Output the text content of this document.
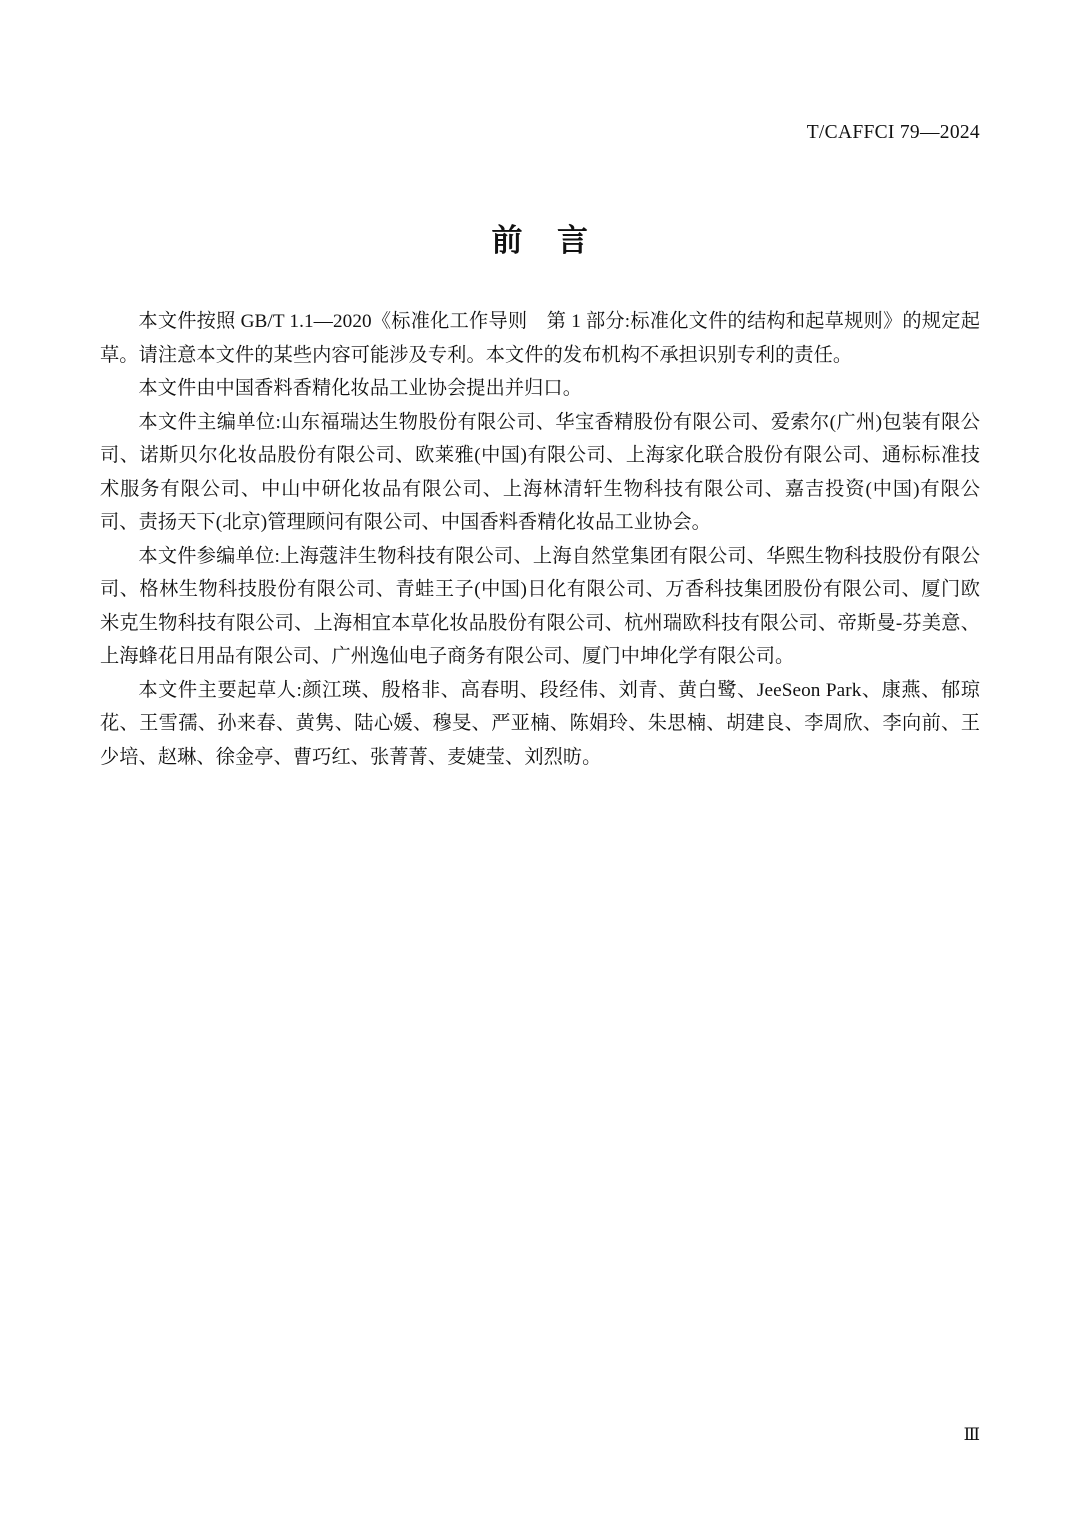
T/CAFFCI 79—2024
前 言

本文件按照 GB/T 1.1—2020《标准化工作导则　第 1 部分:标准化文件的结构和起草规则》的规定起草。请注意本文件的某些内容可能涉及专利。本文件的发布机构不承担识别专利的责任。

本文件由中国香料香精化妆品工业协会提出并归口。

本文件主编单位:山东福瑞达生物股份有限公司、华宝香精股份有限公司、爱索尔(广州)包装有限公司、诺斯贝尔化妆品股份有限公司、欧莱雅(中国)有限公司、上海家化联合股份有限公司、通标标准技术服务有限公司、中山中研化妆品有限公司、上海林清轩生物科技有限公司、嘉吉投资(中国)有限公司、责扬天下(北京)管理顾问有限公司、中国香料香精化妆品工业协会。

本文件参编单位:上海蔻沣生物科技有限公司、上海自然堂集团有限公司、华熙生物科技股份有限公司、格林生物科技股份有限公司、青蛙王子(中国)日化有限公司、万香科技集团股份有限公司、厦门欧米克生物科技有限公司、上海相宜本草化妆品股份有限公司、杭州瑞欧科技有限公司、帝斯曼-芬美意、上海蜂花日用品有限公司、广州逸仙电子商务有限公司、厦门中坤化学有限公司。

本文件主要起草人:颜江瑛、殷格非、高春明、段经伟、刘青、黄白鹭、JeeSeon Park、康燕、郁琼花、王雪孺、孙来春、黄隽、陆心媛、穆旻、严亚楠、陈娟玲、朱思楠、胡建良、李周欣、李向前、王少培、赵琳、徐金亭、曹巧红、张菁菁、麦婕莹、刘烈昉。

Ⅲ
